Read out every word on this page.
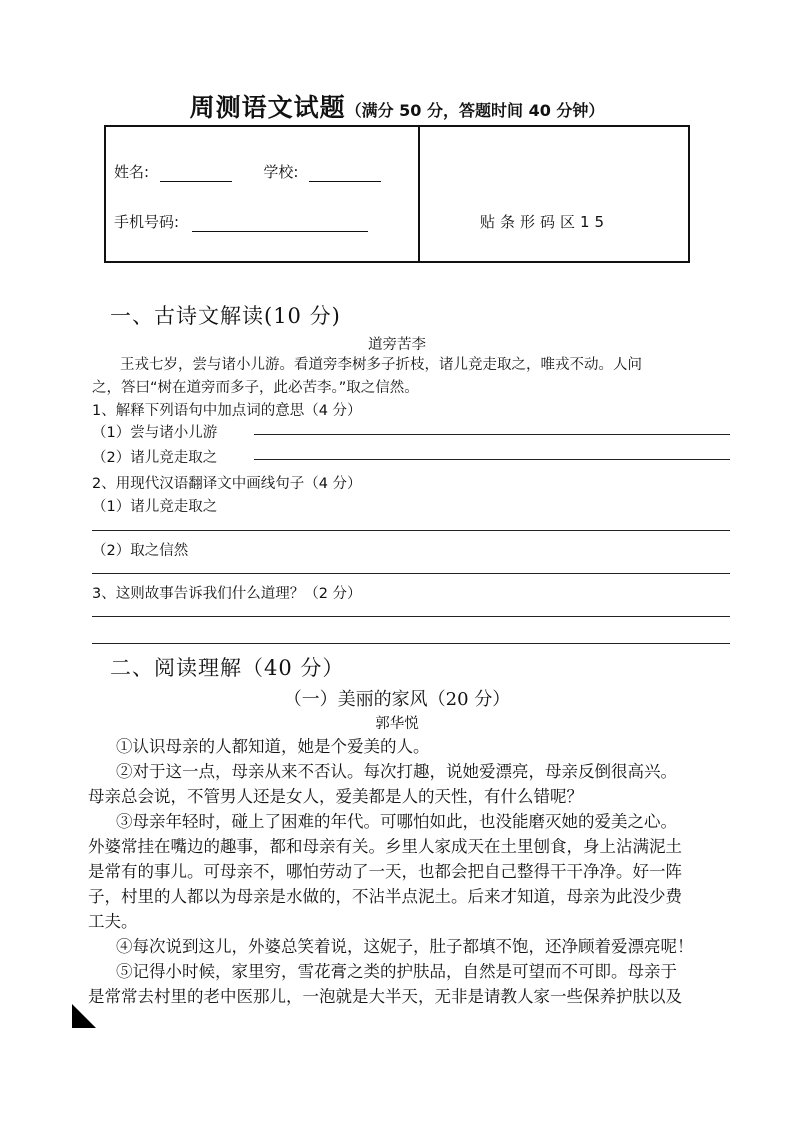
周测语文试题（满分 50 分，答题时间 40 分钟）
姓名:	学校:
手机号码:	贴条形码区15
一、古诗文解读(10 分)
道旁苦李
王戎七岁，尝与诸小儿游。看道旁李树多子折枝，诸儿竞走取之，唯戎不动。人问
之，答曰“树在道旁而多子，此必苦李。”取之信然。
1、解释下列语句中加点词的意思（4 分）
（1）尝与诸小儿游
（2）诸儿竞走取之
2、用现代汉语翻译文中画线句子（4 分）
（1）诸儿竞走取之
（2）取之信然
3、这则故事告诉我们什么道理？（2 分）
二、阅读理解（40 分）
（一）美丽的家风（20 分）
郭华悦
①认识母亲的人都知道，她是个爱美的人。
②对于这一点，母亲从来不否认。每次打趣，说她爱漂亮，母亲反倒很高兴。
母亲总会说，不管男人还是女人，爱美都是人的天性，有什么错呢？
③母亲年轻时，碰上了困难的年代。可哪怕如此，也没能磨灭她的爱美之心。
外婆常挂在嘴边的趣事，都和母亲有关。乡里人家成天在土里刨食，身上沾满泥土
是常有的事儿。可母亲不，哪怕劳动了一天，也都会把自己整得干干净净。好一阵
子，村里的人都以为母亲是水做的，不沾半点泥土。后来才知道，母亲为此没少费
工夫。
④每次说到这儿，外婆总笑着说，这妮子，肚子都填不饱，还净顾着爱漂亮呢！
⑤记得小时候，家里穷，雪花膏之类的护肤品，自然是可望而不可即。母亲于
是常常去村里的老中医那儿，一泡就是大半天，无非是请教人家一些保养护肤以及
